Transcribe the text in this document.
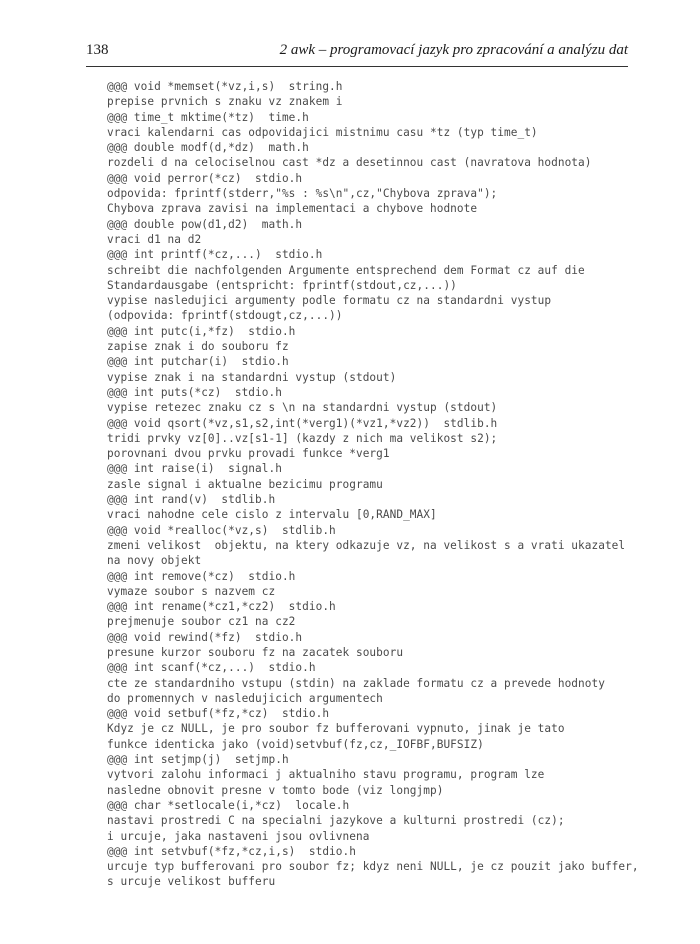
138	2 awk – programovací jazyk pro zpracování a analýzu dat
@@@ void *memset(*vz,i,s)  string.h
prepise prvnich s znaku vz znakem i
@@@ time_t mktime(*tz)  time.h
vraci kalendarni cas odpovidajici mistnimu casu *tz (typ time_t)
@@@ double modf(d,*dz)  math.h
rozdeli d na celociselnou cast *dz a desetinnou cast (navratova hodnota)
@@@ void perror(*cz)  stdio.h
odpovida: fprintf(stderr,"%s : %s\n",cz,"Chybova zprava");
Chybova zprava zavisi na implementaci a chybove hodnote
@@@ double pow(d1,d2)  math.h
vraci d1 na d2
@@@ int printf(*cz,...)  stdio.h
schreibt die nachfolgenden Argumente entsprechend dem Format cz auf die
Standardausgabe (entspricht: fprintf(stdout,cz,...))
vypise nasledujici argumenty podle formatu cz na standardni vystup
(odpovida: fprintf(stdougt,cz,...))
@@@ int putc(i,*fz)  stdio.h
zapise znak i do souboru fz
@@@ int putchar(i)  stdio.h
vypise znak i na standardni vystup (stdout)
@@@ int puts(*cz)  stdio.h
vypise retezec znaku cz s \n na standardni vystup (stdout)
@@@ void qsort(*vz,s1,s2,int(*verg1)(*vz1,*vz2))  stdlib.h
tridi prvky vz[0]..vz[s1-1] (kazdy z nich ma velikost s2);
porovnani dvou prvku provadi funkce *verg1
@@@ int raise(i)  signal.h
zasle signal i aktualne bezicimu programu
@@@ int rand(v)  stdlib.h
vraci nahodne cele cislo z intervalu [0,RAND_MAX]
@@@ void *realloc(*vz,s)  stdlib.h
zmeni velikost  objektu, na ktery odkazuje vz, na velikost s a vrati ukazatel
na novy objekt
@@@ int remove(*cz)  stdio.h
vymaze soubor s nazvem cz
@@@ int rename(*cz1,*cz2)  stdio.h
prejmenuje soubor cz1 na cz2
@@@ void rewind(*fz)  stdio.h
presune kurzor souboru fz na zacatek souboru
@@@ int scanf(*cz,...)  stdio.h
cte ze standardniho vstupu (stdin) na zaklade formatu cz a prevede hodnoty
do promennych v nasledujicich argumentech
@@@ void setbuf(*fz,*cz)  stdio.h
Kdyz je cz NULL, je pro soubor fz bufferovani vypnuto, jinak je tato
funkce identicka jako (void)setvbuf(fz,cz,_IOFBF,BUFSIZ)
@@@ int setjmp(j)  setjmp.h
vytvori zalohu informaci j aktualniho stavu programu, program lze
nasledne obnovit presne v tomto bode (viz longjmp)
@@@ char *setlocale(i,*cz)  locale.h
nastavi prostredi C na specialni jazykove a kulturni prostredi (cz);
i urcuje, jaka nastaveni jsou ovlivnena
@@@ int setvbuf(*fz,*cz,i,s)  stdio.h
urcuje typ bufferovani pro soubor fz; kdyz neni NULL, je cz pouzit jako buffer,
s urcuje velikost bufferu
